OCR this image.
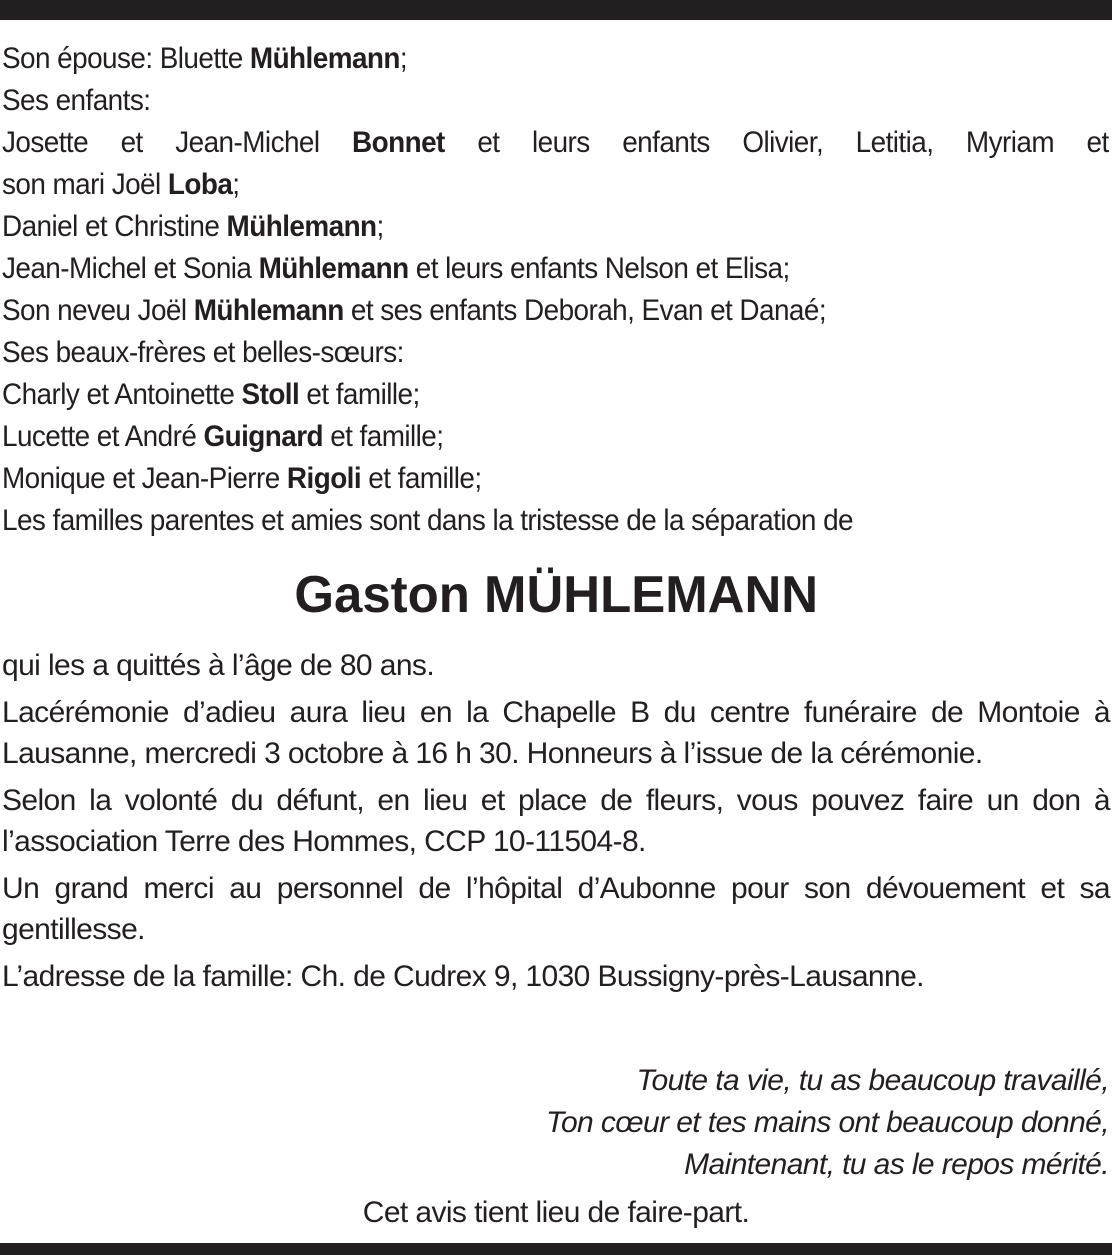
Son épouse: Bluette Mühlemann;
Ses enfants:
Josette et Jean-Michel Bonnet et leurs enfants Olivier, Letitia, Myriam et
son mari Joël Loba;
Daniel et Christine Mühlemann;
Jean-Michel et Sonia Mühlemann et leurs enfants Nelson et Elisa;
Son neveu Joël Mühlemann et ses enfants Deborah, Evan et Danaé;
Ses beaux-frères et belles-sœurs:
Charly et Antoinette Stoll et famille;
Lucette et André Guignard et famille;
Monique et Jean-Pierre Rigoli et famille;
Les familles parentes et amies sont dans la tristesse de la séparation de
Gaston MÜHLEMANN
qui les a quittés à l’âge de 80 ans.
Lacérémonie d’adieu aura lieu en la Chapelle B du centre funéraire de Montoie à Lausanne, mercredi 3 octobre à 16 h 30. Honneurs à l’issue de la cérémonie.
Selon la volonté du défunt, en lieu et place de fleurs, vous pouvez faire un don à l’association Terre des Hommes, CCP 10-11504-8.
Un grand merci au personnel de l’hôpital d’Aubonne pour son dévouement et sa gentillesse.
L’adresse de la famille: Ch. de Cudrex 9, 1030 Bussigny-près-Lausanne.
Toute ta vie, tu as beaucoup travaillé,
Ton cœur et tes mains ont beaucoup donné,
Maintenant, tu as le repos mérité.
Cet avis tient lieu de faire-part.
